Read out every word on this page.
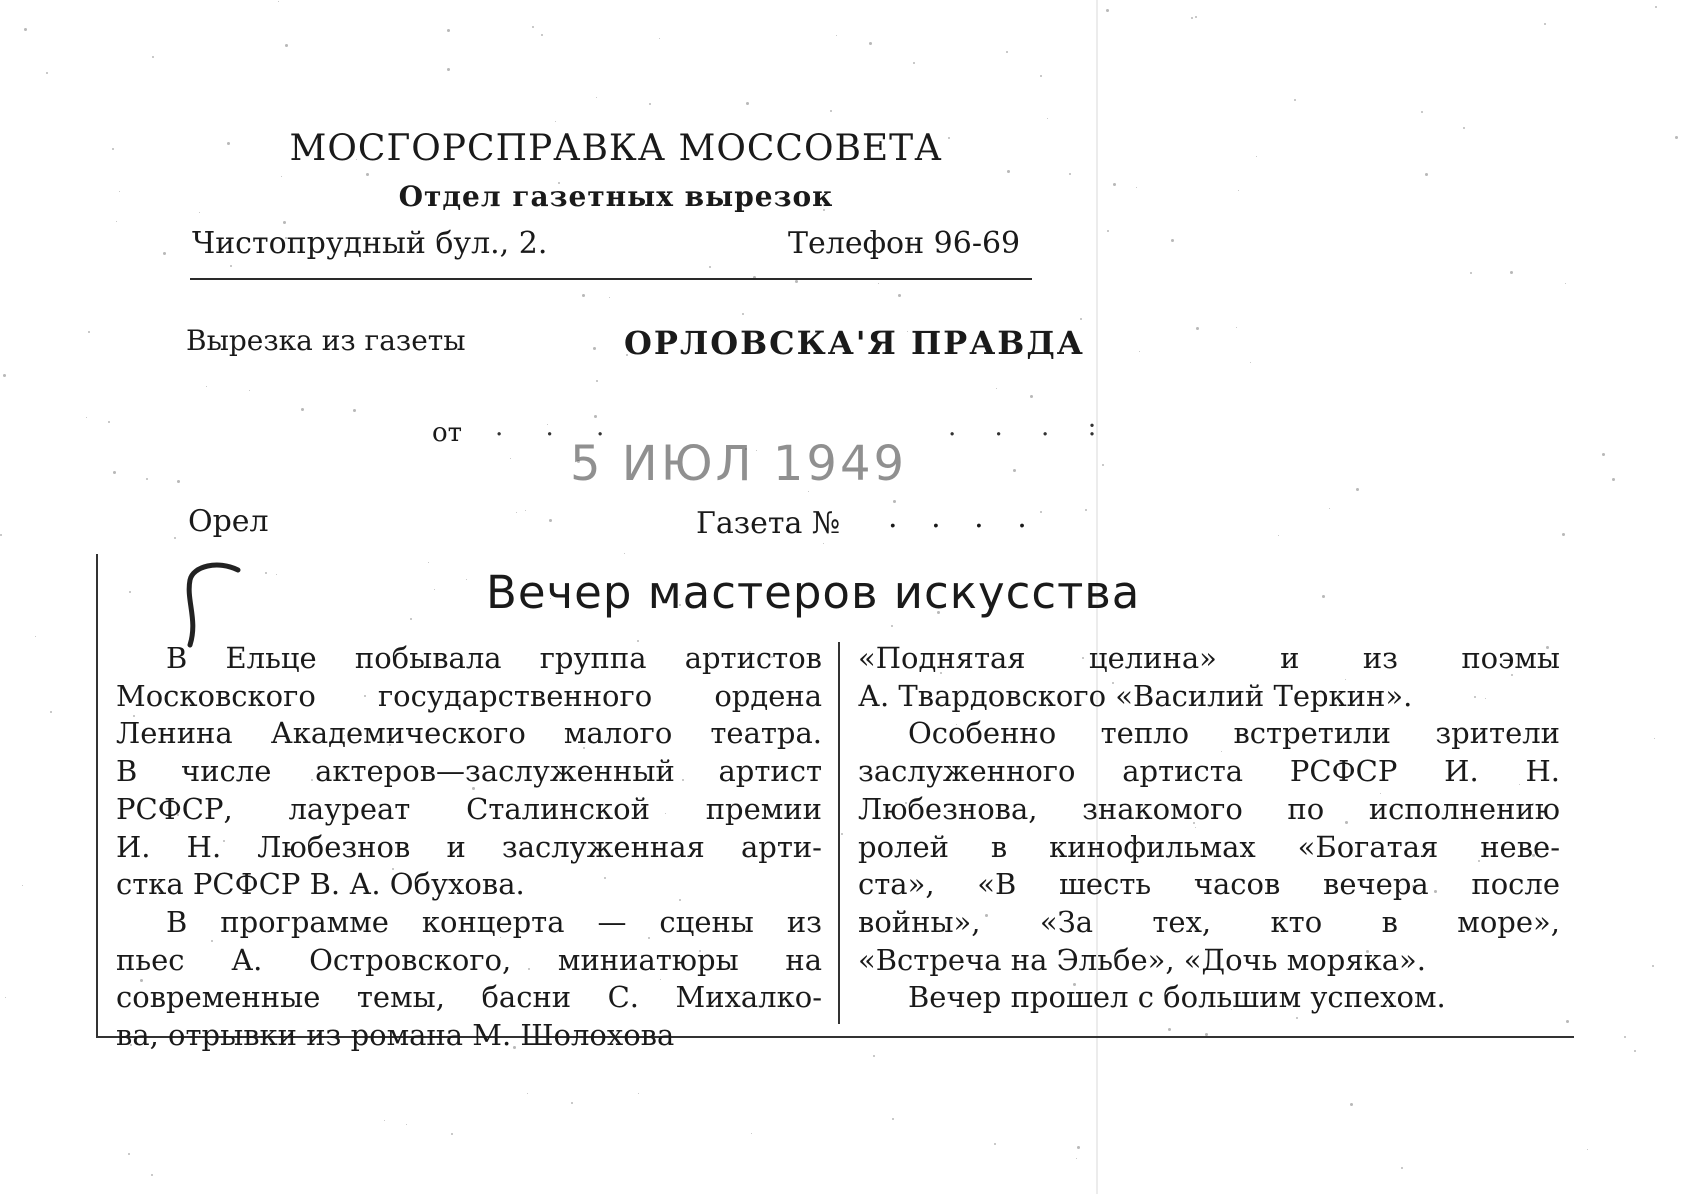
МОСГОРСПРАВКА МОССОВЕТА
Отдел газетных вырезок
Чистопрудный бул., 2.	Телефон 96-69
Вырезка из газеты	ОРЛОВСКА'Я ПРАВДА
от . . .	. . . :
5 ИЮЛ 1949
Орел	Газета № . . . .
Вечер мастеров искусства

В Ельце побывала группа артистов

Московского государственного ордена

Ленина Академического малого театра.

В числе актеров—заслуженный артист

РСФСР, лауреат Сталинской премии

И. Н. Любезнов и заслуженная арти-

стка РСФСР В. А. Обухова.

В программе концерта — сцены из

пьес А. Островского, миниатюры на

современные темы, басни С. Михалко-

ва, отрывки из романа М. Шолохова

«Поднятая целина» и из поэмы

А. Твардовского «Василий Теркин».

Особенно тепло встретили зрители

заслуженного артиста РСФСР И. Н.

Любезнова, знакомого по исполнению

ролей в кинофильмах «Богатая неве-

ста», «В шесть часов вечера после

войны», «За тех, кто в море»,

«Встреча на Эльбе», «Дочь моряка».

Вечер прошел с большим успехом.
